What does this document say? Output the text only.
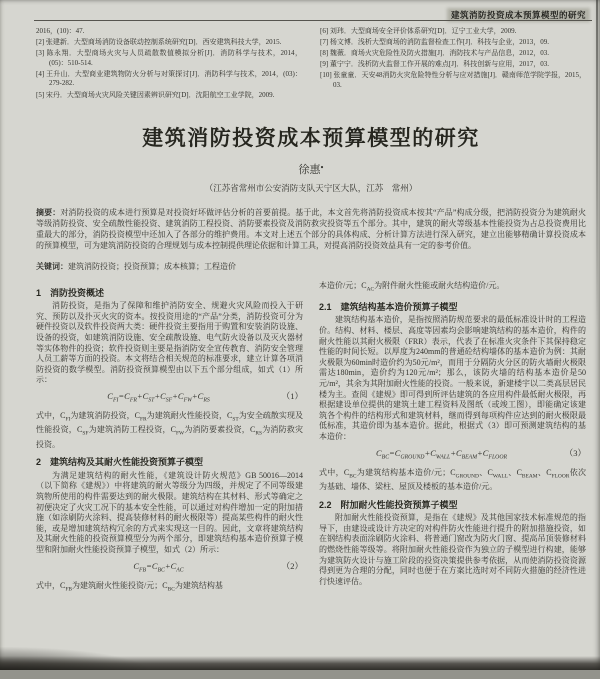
建筑消防投资成本预算模型的研究

2016，(10)：47.

[2] 张建新．大型商场消防设备联动控制系统研究[D]．西安建筑科技大学，2015.

[3] 陈永翔．大型商场火灾与人员疏散数值模拟分析[J]．消防科学与技术，2014，(05)：510-514.

[4] 王升山．大型商业建筑物防火分析与对策探讨[J]．消防科学与技术，2014，(03)：279-282.

[5] 宋丹．大型商场火灾风险关键因素辨识研究[D]．沈阳航空工业学院，2009.

[6] 刘玮．大型商场安全评价体系研究[D]．辽宁工业大学，2009.

[7] 杨文博．浅析大型商场的消防监督检查工作[J]．科技与企业，2013，09.

[8] 魏薇．商场火灾危险性及防火措施[J]．消防技术与产品信息，2012，03.

[9] 董宁宁．浅析防火监督工作开展的难点[J]．科技创新与应用，2017，03.

[10] 张童童．天安48消防火灾危险特性分析与应对措施[J]．赣南师范学院学报，2015，03.

建筑消防投资成本预算模型的研究
徐惠●
（江苏省常州市公安消防支队天宁区大队，江苏　常州）

摘要：对消防投资的成本进行预算是对投资好坏做评估分析的首要前提。基于此，本文首先将消防投资成本按其“产品”构成分级，把消防投资分为建筑耐火等级消防投资、安全疏散性能投资、建筑消防工程投资、消防要素投资及消防救灾投资等五个部分。其中，建筑的耐火等级基本性能投资为占总投资费用比重最大的部分，消防投资模型中还加入了各部分的维护费用。本文对上述五个部分的具体构成、分析计算方法进行深入研究，建立出能够精确计算投资成本的预算模型，可为建筑消防投资的合理规划与成本控制提供理论依据和计算工具，对提高消防投资效益具有一定的参考价值。

关键词：建筑消防投资；投资预算；成本核算；工程造价

1　消防投资概述

消防投资，是指为了保障和维护消防安全、规避火灾风险而投入于研究、预防以及扑灭火灾的资本。按投资用途的“产品”分类，消防投资可分为硬件投资以及软件投资两大类：硬件投资主要指用于购置和安装消防设施、设备的投资，如建筑消防设施、安全疏散设施、电气防火设备以及灭火器材等实体物件的投资；软件投资则主要是指消防安全宣传教育、消防安全管理人员工薪等方面的投资。本文将结合相关规范的标准要求，建立计算各项消防投资的数学模型。消防投资预算模型由以下五个部分组成，如式（1）所示：

$C_{FI}=C_{FR}+C_{ST}+C_{SF}+C_{FW}+C_{RS}$	（1）

式中，$C_{FI}$为建筑消防投资，$C_{FR}$为建筑耐火性能投资，$C_{ST}$为安全疏散实现及性能投资，$C_{SF}$为建筑消防工程投资，$C_{FW}$为消防要素投资，$C_{RS}$为消防救灾投资。

2　建筑结构及其耐火性能投资预算子模型

为满足建筑结构的耐火性能，《建筑设计防火规范》GB 50016—2014（以下简称《建规》）中将建筑的耐火等级分为四级，并规定了不同等级建筑物所使用的构件需要达到的耐火极限。建筑结构在其材料、形式等确定之初便决定了火灾工况下的基本安全性能，可以通过对构件增加一定的附加措施（如涂刷防火涂料、提高装修材料的耐火极限等）提高某些构件的耐火性能，或是增加建筑结构冗余的方式来实现这一目的。因此，文章将建筑结构及其耐火性能的投资预算模型分为两个部分，即建筑结构基本造价预算子模型和附加耐火性能投资预算子模型，如式（2）所示：

$C_{FB}=C_{BC}+C_{AC}$	（2）

式中，$C_{FB}$为建筑耐火性能投资/元；$C_{BC}$为建筑结构基

本造价/元；$C_{AC}$为附件耐火性能或耐火结构造价/元。

2.1　建筑结构基本造价预算子模型

建筑结构基本造价，是指按照消防规范要求的最低标准设计时的工程造价。结构、材料、楼层、高度等因素均会影响建筑结构的基本造价，构件的耐火性能以其耐火极限（FRR）表示，代表了在标准火灾条件下其保持稳定性能的时间长短。以厚度为240mm的普通砼结构墙体的基本造价为例：其耐火极限为60min时造价约为50元/m²，而用于分隔防火分区的防火墙耐火极限需达180min，造价约为120元/m²；那么，该防火墙的结构基本造价是50元/m²，其余为其附加耐火性能的投资。一般来说，新建楼宇以二类高层居民楼为主。查阅《建规》即可得到所评估建筑的各应用构件最低耐火极限，再根据建设单位提供的建筑土建工程资料及图纸（或竣工图），即能确定该建筑各个构件的结构形式和建筑材料，继而得到每项构件应达到的耐火极限最低标准，其造价即为基本造价。据此，根据式（3）即可预测建筑结构的基本造价：

$C_{BC}=C_{GROUND}+C_{WALL}+C_{BEAM}+C_{FLOOR}$	（3）

式中，$C_{BC}$为建筑结构基本造价/元；$C_{GROUND}$、$C_{WALL}$、$C_{BEAM}$、$C_{FLOOR}$依次为基础、墙体、梁柱、屋顶及楼板的基本造价/元。

2.2　附加耐火性能投资预算子模型

附加耐火性能投资预算，是指在《建规》及其他国家技术标准规范的指导下，由建设或设计方决定的对构件防火性能进行提升的附加措施投资，如在钢结构表面涂刷防火涂料、将普通门窗改为防火门窗、提高吊顶装修材料的燃烧性能等级等。将附加耐火性能投资作为独立的子模型进行构建，能够为建筑防火设计与施工阶段的投资决策提供参考依据，从而使消防投资资源得到更为合理的分配，同时也便于在方案比选时对不同防火措施的经济性进行快速评估。
